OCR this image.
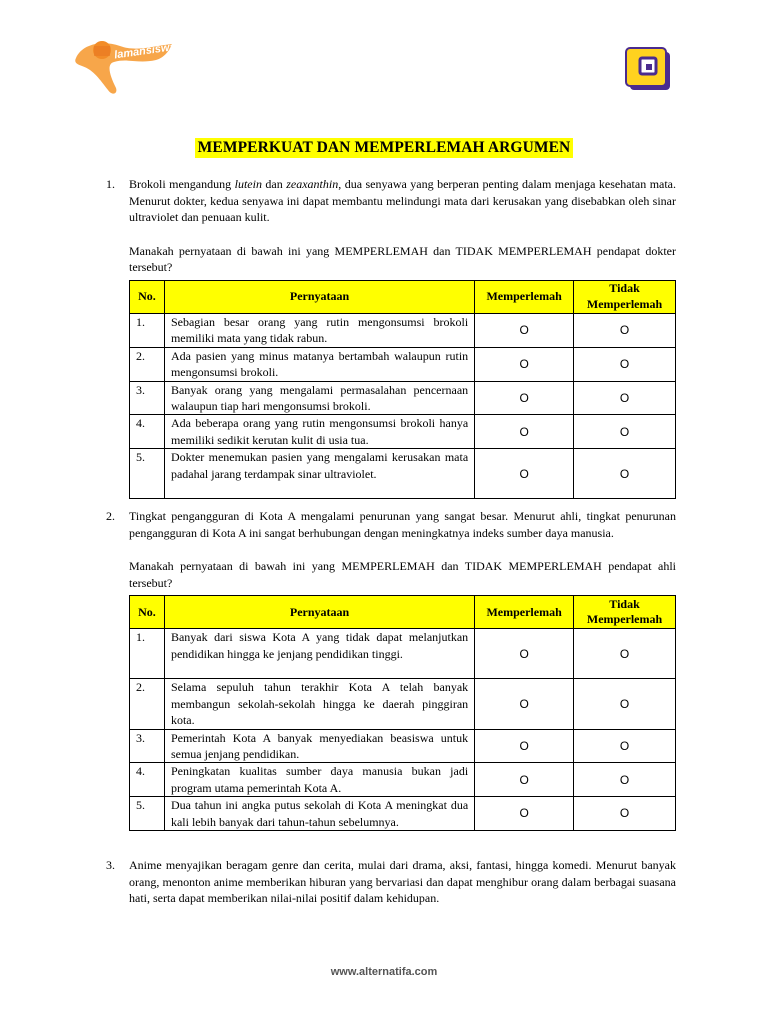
lamansiswa
MEMPERKUAT DAN MEMPERLEMAH ARGUMEN
1. Brokoli mengandung lutein dan zeaxanthin, dua senyawa yang berperan penting dalam menjaga kesehatan mata. Menurut dokter, kedua senyawa ini dapat membantu melindungi mata dari kerusakan yang disebabkan oleh sinar ultraviolet dan penuaan kulit.

Manakah pernyataan di bawah ini yang MEMPERLEMAH dan TIDAK MEMPERLEMAH pendapat dokter tersebut?

No.	Pernyataan	Memperlemah	Tidak Memperlemah
1.	Sebagian besar orang yang rutin mengonsumsi brokoli memiliki mata yang tidak rabun.	O	O
2.	Ada pasien yang minus matanya bertambah walaupun rutin mengonsumsi brokoli.	O	O
3.	Banyak orang yang mengalami permasalahan pencernaan walaupun tiap hari mengonsumsi brokoli.	O	O
4.	Ada beberapa orang yang rutin mengonsumsi brokoli hanya memiliki sedikit kerutan kulit di usia tua.	O	O
5.	Dokter menemukan pasien yang mengalami kerusakan mata padahal jarang terdampak sinar ultraviolet.	O	O
2. Tingkat pengangguran di Kota A mengalami penurunan yang sangat besar. Menurut ahli, tingkat penurunan pengangguran di Kota A ini sangat berhubungan dengan meningkatnya indeks sumber daya manusia.

Manakah pernyataan di bawah ini yang MEMPERLEMAH dan TIDAK MEMPERLEMAH pendapat ahli tersebut?

No.	Pernyataan	Memperlemah	Tidak Memperlemah
1.	Banyak dari siswa Kota A yang tidak dapat melanjutkan pendidikan hingga ke jenjang pendidikan tinggi.	O	O
2.	Selama sepuluh tahun terakhir Kota A telah banyak membangun sekolah-sekolah hingga ke daerah pinggiran kota.	O	O
3.	Pemerintah Kota A banyak menyediakan beasiswa untuk semua jenjang pendidikan.	O	O
4.	Peningkatan kualitas sumber daya manusia bukan jadi program utama pemerintah Kota A.	O	O
5.	Dua tahun ini angka putus sekolah di Kota A meningkat dua kali lebih banyak dari tahun-tahun sebelumnya.	O	O
3. Anime menyajikan beragam genre dan cerita, mulai dari drama, aksi, fantasi, hingga komedi. Menurut banyak orang, menonton anime memberikan hiburan yang bervariasi dan dapat menghibur orang dalam berbagai suasana hati, serta dapat memberikan nilai-nilai positif dalam kehidupan.

www.alternatifa.com
